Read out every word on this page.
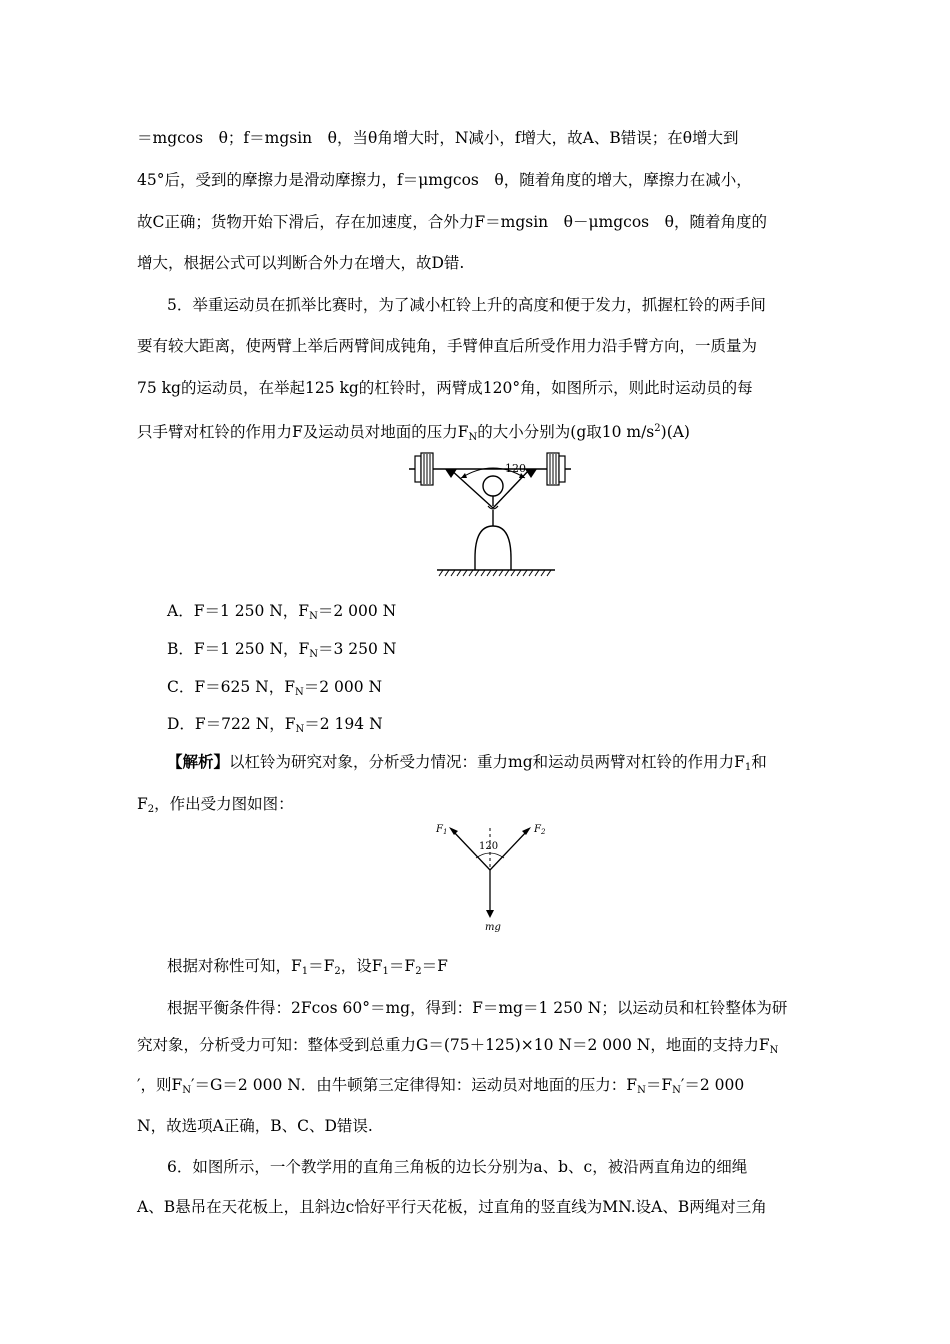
＝mgcos　θ；f＝mgsin　θ，当θ角增大时，N减小，f增大，故A、B错误；在θ增大到
45°后，受到的摩擦力是滑动摩擦力，f＝μmgcos　θ，随着角度的增大，摩擦力在减小，
故C正确；货物开始下滑后，存在加速度，合外力F＝mgsin　θ－μmgcos　θ，随着角度的
增大，根据公式可以判断合外力在增大，故D错.
5．举重运动员在抓举比赛时，为了减小杠铃上升的高度和便于发力，抓握杠铃的两手间
要有较大距离，使两臂上举后两臂间成钝角，手臂伸直后所受作用力沿手臂方向，一质量为
75 kg的运动员，在举起125 kg的杠铃时，两臂成120°角，如图所示，则此时运动员的每
只手臂对杠铃的作用力F及运动员对地面的压力$F_N$的大小分别为(g取10 $m/s^2)(A)$
120
A．F＝1 250 N，$F_N=2$ 000 N
B．F＝1 250 N，$F_N=3$ 250 N
C．F＝625 N，$F_N=2$ 000 N
D．F＝722 N，$F_N=2$ 194 N
【解析】以杠铃为研究对象，分析受力情况：重力mg和运动员两臂对杠铃的作用力$F_1$和
$F_2$，作出受力图如图：
$F_1$	$F_2$
120
mg
根据对称性可知，$F_1=F_2$，设$F_1=F_2=F$
根据平衡条件得：2Fcos 60°＝mg，得到：F＝mg＝1 250 N；以运动员和杠铃整体为研
究对象，分析受力可知：整体受到总重力G＝(75＋125)×10 N＝2 000 N，地面的支持力$F_N$
′，则$F_N'=G=2$ 000 N．由牛顿第三定律得知：运动员对地面的压力：$F_N=F_N'=2$ 000
N，故选项A正确，B、C、D错误.
6．如图所示，一个教学用的直角三角板的边长分别为a、b、c，被沿两直角边的细绳
A、B悬吊在天花板上，且斜边c恰好平行天花板，过直角的竖直线为MN.设A、B两绳对三角
